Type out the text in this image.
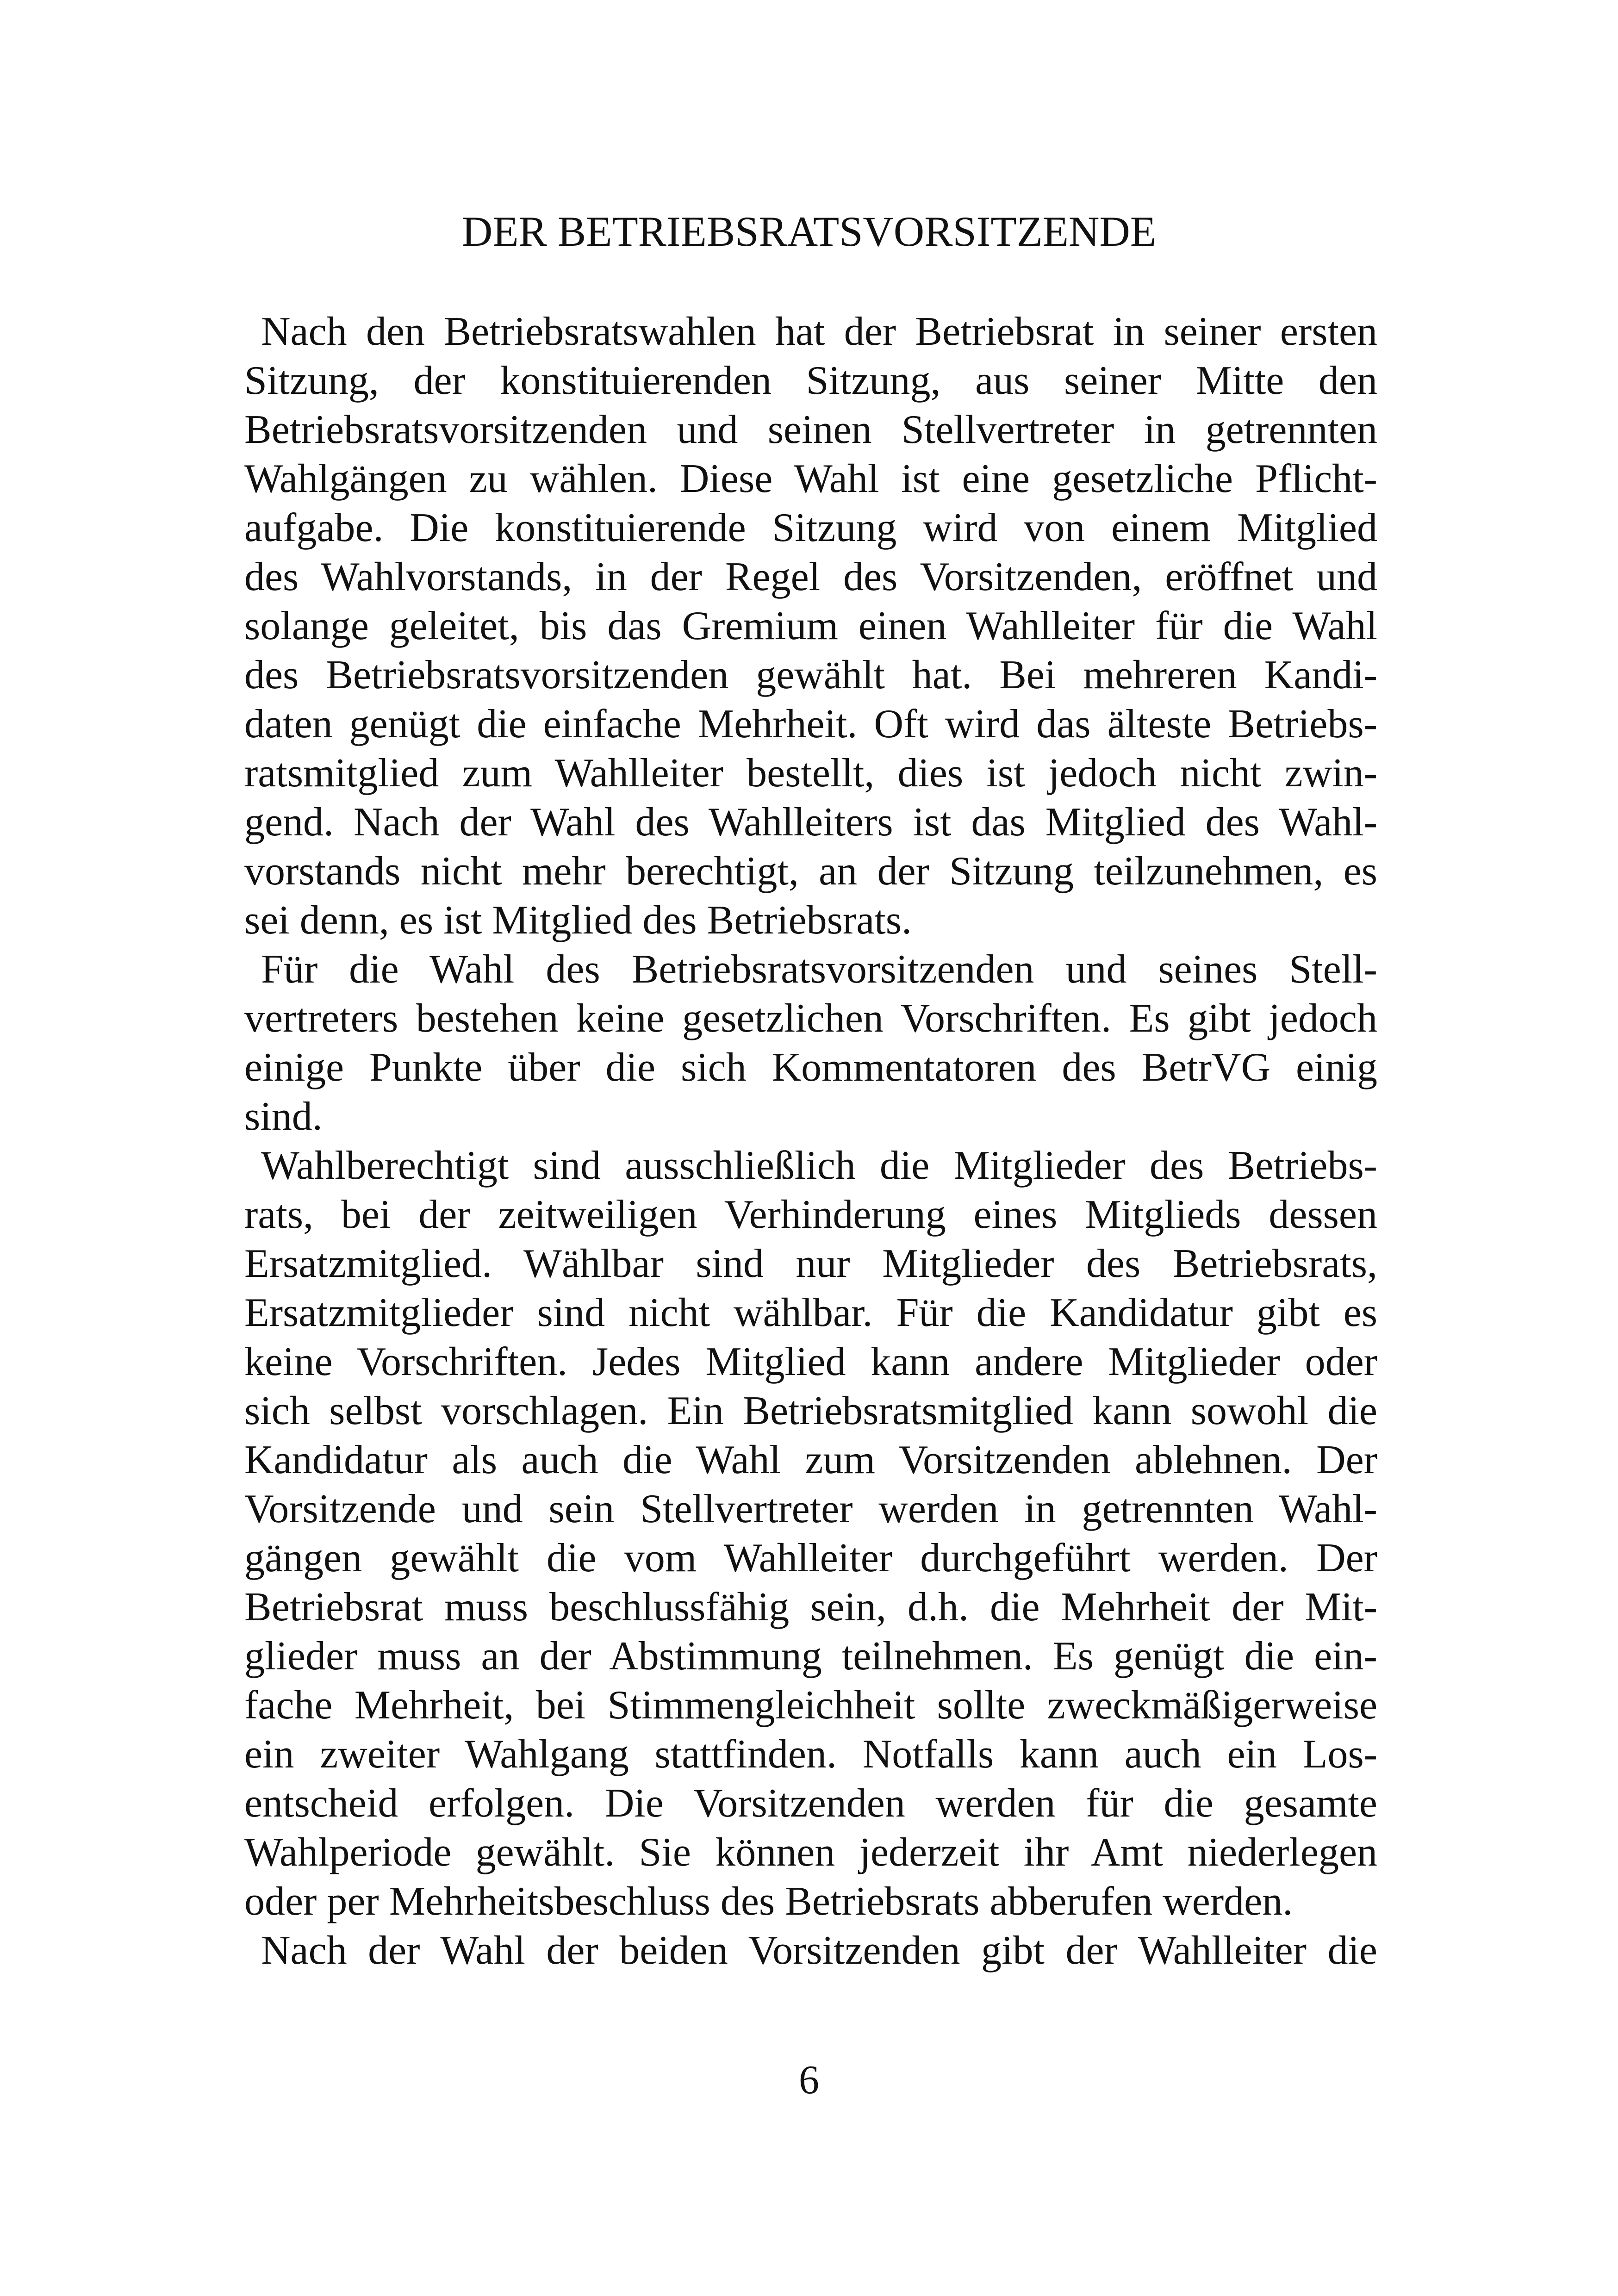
DER BETRIEBSRATSVORSITZENDE
Nach den Betriebsratswahlen hat der Betriebsrat in seiner ersten
Sitzung, der konstituierenden Sitzung, aus seiner Mitte den
Betriebsratsvorsitzenden und seinen Stellvertreter in getrennten
Wahlgängen zu wählen. Diese Wahl ist eine gesetzliche Pflicht-
aufgabe. Die konstituierende Sitzung wird von einem Mitglied
des Wahlvorstands, in der Regel des Vorsitzenden, eröffnet und
solange geleitet, bis das Gremium einen Wahlleiter für die Wahl
des Betriebsratsvorsitzenden gewählt hat. Bei mehreren Kandi-
daten genügt die einfache Mehrheit. Oft wird das älteste Betriebs-
ratsmitglied zum Wahlleiter bestellt, dies ist jedoch nicht zwin-
gend. Nach der Wahl des Wahlleiters ist das Mitglied des Wahl-
vorstands nicht mehr berechtigt, an der Sitzung teilzunehmen, es
sei denn, es ist Mitglied des Betriebsrats.
Für die Wahl des Betriebsratsvorsitzenden und seines Stell-
vertreters bestehen keine gesetzlichen Vorschriften. Es gibt jedoch
einige Punkte über die sich Kommentatoren des BetrVG einig
sind.
Wahlberechtigt sind ausschließlich die Mitglieder des Betriebs-
rats, bei der zeitweiligen Verhinderung eines Mitglieds dessen
Ersatzmitglied. Wählbar sind nur Mitglieder des Betriebsrats,
Ersatzmitglieder sind nicht wählbar. Für die Kandidatur gibt es
keine Vorschriften. Jedes Mitglied kann andere Mitglieder oder
sich selbst vorschlagen. Ein Betriebsratsmitglied kann sowohl die
Kandidatur als auch die Wahl zum Vorsitzenden ablehnen. Der
Vorsitzende und sein Stellvertreter werden in getrennten Wahl-
gängen gewählt die vom Wahlleiter durchgeführt werden. Der
Betriebsrat muss beschlussfähig sein, d.h. die Mehrheit der Mit-
glieder muss an der Abstimmung teilnehmen. Es genügt die ein-
fache Mehrheit, bei Stimmengleichheit sollte zweckmäßigerweise
ein zweiter Wahlgang stattfinden. Notfalls kann auch ein Los-
entscheid erfolgen. Die Vorsitzenden werden für die gesamte
Wahlperiode gewählt. Sie können jederzeit ihr Amt niederlegen
oder per Mehrheitsbeschluss des Betriebsrats abberufen werden.
Nach der Wahl der beiden Vorsitzenden gibt der Wahlleiter die
6
